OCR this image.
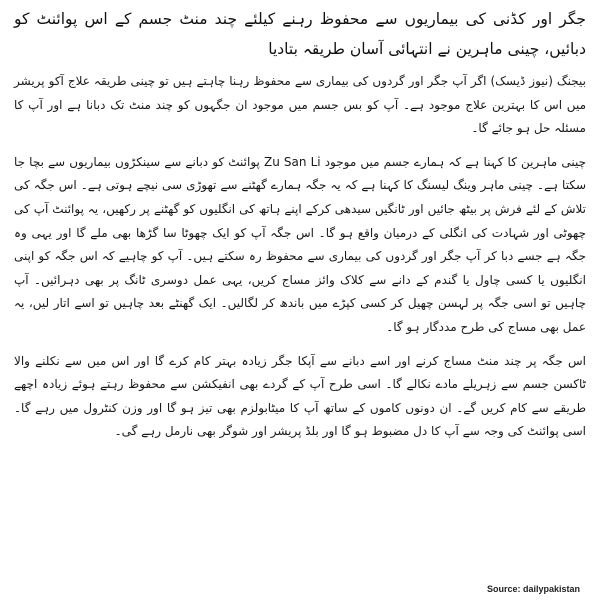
جگر اور کڈنی کی بیماریوں سے محفوظ رہنے کیلئے چند منٹ جسم کے اس پوائنٹ کو دبائیں، چینی ماہرین نے انتہائی آسان طریقہ بتادیا

بیجنگ (نیوز ڈیسک) اگر آپ جگر اور گردوں کی بیماری سے محفوظ رہنا چاہتے ہیں تو چینی طریقہ علاج آکو پریشر میں اس کا بہترین علاج موجود ہے۔ آپ کو بس جسم میں موجود ان جگہوں کو چند منٹ تک دبانا ہے اور آپ کا مسئلہ حل ہو جائے گا۔

چینی ماہرین کا کہنا ہے کہ ہمارے جسم میں موجود Zu San Li پوائنٹ کو دبانے سے سینکڑوں بیماریوں سے بچا جا سکتا ہے۔ چینی ماہر وینگ لیسنگ کا کہنا ہے کہ یہ جگہ ہمارے گھٹنے سے تھوڑی سی نیچے ہوتی ہے۔ اس جگہ کی تلاش کے لئے فرش پر بیٹھ جائیں اور ٹانگیں سیدھی کرکے اپنے ہاتھ کی انگلیوں کو گھٹنے پر رکھیں، یہ پوائنٹ آپ کی چھوٹی اور شہادت کی انگلی کے درمیان واقع ہو گا۔ اس جگہ آپ کو ایک چھوٹا سا گڑھا بھی ملے گا اور یہی وہ جگہ ہے جسے دبا کر آپ جگر اور گردوں کی بیماری سے محفوظ رہ سکتے ہیں۔ آپ کو چاہیے کہ اس جگہ کو اپنی انگلیوں یا کسی چاول یا گندم کے دانے سے کلاک وائز مساج کریں، یہی عمل دوسری ٹانگ پر بھی دہرائیں۔ آپ چاہیں تو اسی جگہ پر لہسن چھیل کر کسی کپڑے میں باندھ کر لگالیں۔ ایک گھنٹے بعد چاہیں تو اسے اتار لیں، یہ عمل بھی مساج کی طرح مددگار ہو گا۔

اس جگہ پر چند منٹ مساج کرنے اور اسے دبانے سے آپکا جگر زیادہ بہتر کام کرے گا اور اس میں سے نکلنے والا ٹاکسن جسم سے زہریلے مادے نکالے گا۔ اسی طرح آپ کے گردے بھی انفیکشن سے محفوظ رہتے ہوئے زیادہ اچھے طریقے سے کام کریں گے۔ ان دونوں کاموں کے ساتھ آپ کا میٹابولزم بھی تیز ہو گا اور وزن کنٹرول میں رہے گا۔ اسی پوائنٹ کی وجہ سے آپ کا دل مضبوط ہو گا اور بلڈ پریشر اور شوگر بھی نارمل رہے گی۔

Source: dailypakistan
